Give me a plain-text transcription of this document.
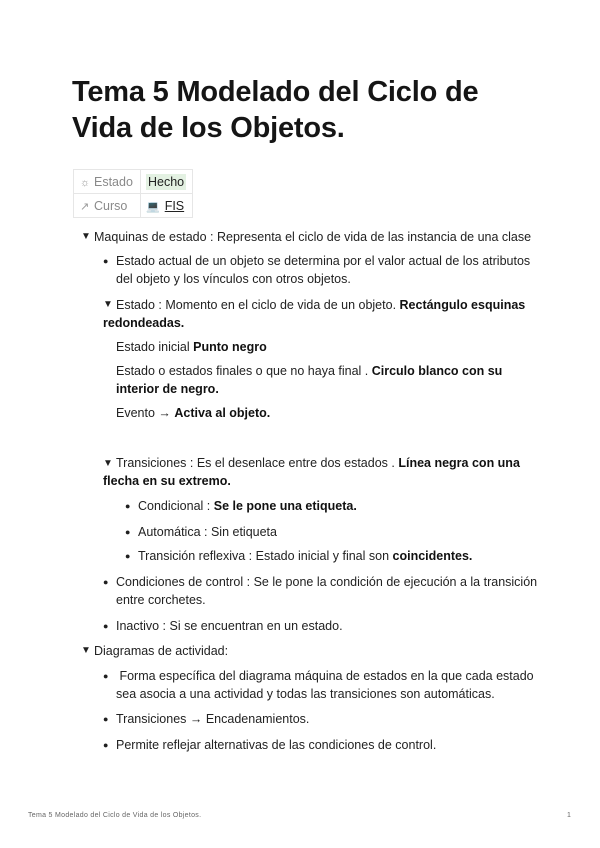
Tema 5 Modelado del Ciclo de Vida de los Objetos.
☼ Estado	Hecho
↗ Curso	💻 FIS
▼ Maquinas de estado : Representa el ciclo de vida de las instancia de una clase
● Estado actual de un objeto se determina por el valor actual de los atributos
del objeto y los vínculos con otros objetos.
▼ Estado : Momento en el ciclo de vida de un objeto. Rectángulo esquinas
redondeadas.
Estado inicial Punto negro
Estado o estados finales o que no haya final . Circulo blanco con su
interior de negro.
Evento → Activa al objeto.
▼ Transiciones : Es el desenlace entre dos estados . Línea negra con una
flecha en su extremo.
● Condicional : Se le pone una etiqueta.
● Automática : Sin etiqueta
● Transición reflexiva : Estado inicial y final son coincidentes.
● Condiciones de control : Se le pone la condición de ejecución a la transición
entre corchetes.
● Inactivo : Si se encuentran en un estado.
▼ Diagramas de actividad:
● Forma específica del diagrama máquina de estados en la que cada estado
sea asocia a una actividad y todas las transiciones son automáticas.
● Transiciones → Encadenamientos.
● Permite reflejar alternativas de las condiciones de control.
Tema 5 Modelado del Ciclo de Vida de los Objetos.	1
